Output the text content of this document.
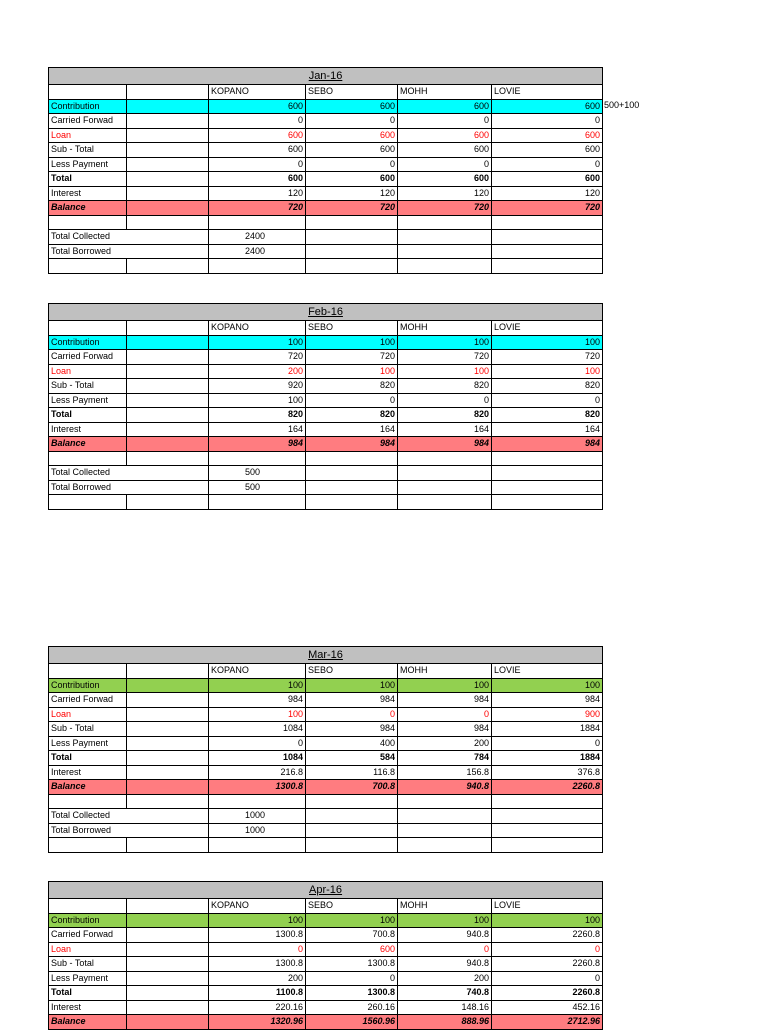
Jan-16					
		KOPANO	SEBO	MOHH	LOVIE
Contribution		600	600	600	600
Carried Forwad		0	0	0	0
Loan		600	600	600	600
Sub - Total		600	600	600	600
Less Payment		0	0	0	0
Total		600	600	600	600
Interest		120	120	120	120
Balance		720	720	720	720

Total Collected		2400			
Total Borrowed		2400			

Feb-16					
		KOPANO	SEBO	MOHH	LOVIE
Contribution		100	100	100	100
Carried Forwad		720	720	720	720
Loan		200	100	100	100
Sub - Total		920	820	820	820
Less Payment		100	0	0	0
Total		820	820	820	820
Interest		164	164	164	164
Balance		984	984	984	984

Total Collected		500			
Total Borrowed		500			

Mar-16					
		KOPANO	SEBO	MOHH	LOVIE
Contribution		100	100	100	100
Carried Forwad		984	984	984	984
Loan		100	0	0	900
Sub - Total		1084	984	984	1884
Less Payment		0	400	200	0
Total		1084	584	784	1884
Interest		216.8	116.8	156.8	376.8
Balance		1300.8	700.8	940.8	2260.8

Total Collected		1000			
Total Borrowed		1000			

Apr-16					
		KOPANO	SEBO	MOHH	LOVIE
Contribution		100	100	100	100
Carried Forwad		1300.8	700.8	940.8	2260.8
Loan		0	600	0	0
Sub - Total		1300.8	1300.8	940.8	2260.8
Less Payment		200	0	200	0
Total		1100.8	1300.8	740.8	2260.8
Interest		220.16	260.16	148.16	452.16
Balance		1320.96	1560.96	888.96	2712.96
500+100
